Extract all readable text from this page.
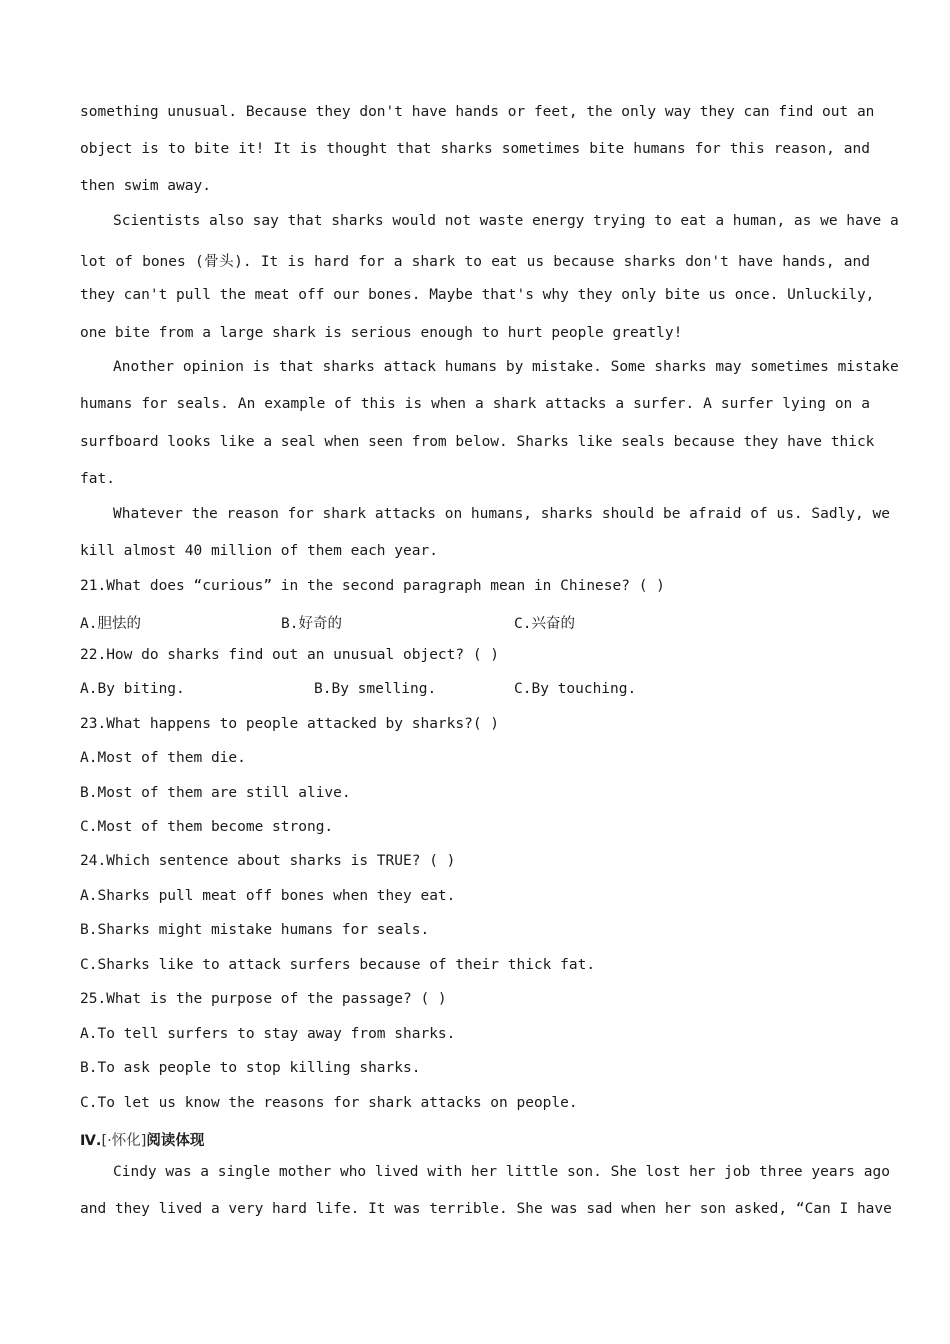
something unusual. Because they don't have hands or feet, the only way they can find out an
object is to bite it! It is thought that sharks sometimes bite humans for this reason, and
then swim away.
Scientists also say that sharks would not waste energy trying to eat a human, as we have a
lot of bones (骨头). It is hard for a shark to eat us because sharks don't have hands, and
they can't pull the meat off our bones. Maybe that's why they only bite us once. Unluckily,
one bite from a large shark is serious enough to hurt people greatly!
Another opinion is that sharks attack humans by mistake. Some sharks may sometimes mistake
humans for seals. An example of this is when a shark attacks a surfer. A surfer lying on a
surfboard looks like a seal when seen from below. Sharks like seals because they have thick
fat.
Whatever the reason for shark attacks on humans, sharks should be afraid of us. Sadly, we
kill almost 40 million of them each year.
21.What does “curious” in the second paragraph mean in Chinese? ( )
A.胆怯的	B.好奇的	C.兴奋的
22.How do sharks find out an unusual object? ( )
A.By biting.	B.By smelling.	C.By touching.
23.What happens to people attacked by sharks?( )
A.Most of them die.
B.Most of them are still alive.
C.Most of them become strong.
24.Which sentence about sharks is TRUE? ( )
A.Sharks pull meat off bones when they eat.
B.Sharks might mistake humans for seals.
C.Sharks like to attack surfers because of their thick fat.
25.What is the purpose of the passage? ( )
A.To tell surfers to stay away from sharks.
B.To ask people to stop killing sharks.
C.To let us know the reasons for shark attacks on people.
Ⅳ.[·怀化]阅读体现
Cindy was a single mother who lived with her little son. She lost her job three years ago
and they lived a very hard life. It was terrible. She was sad when her son asked, “Can I have
